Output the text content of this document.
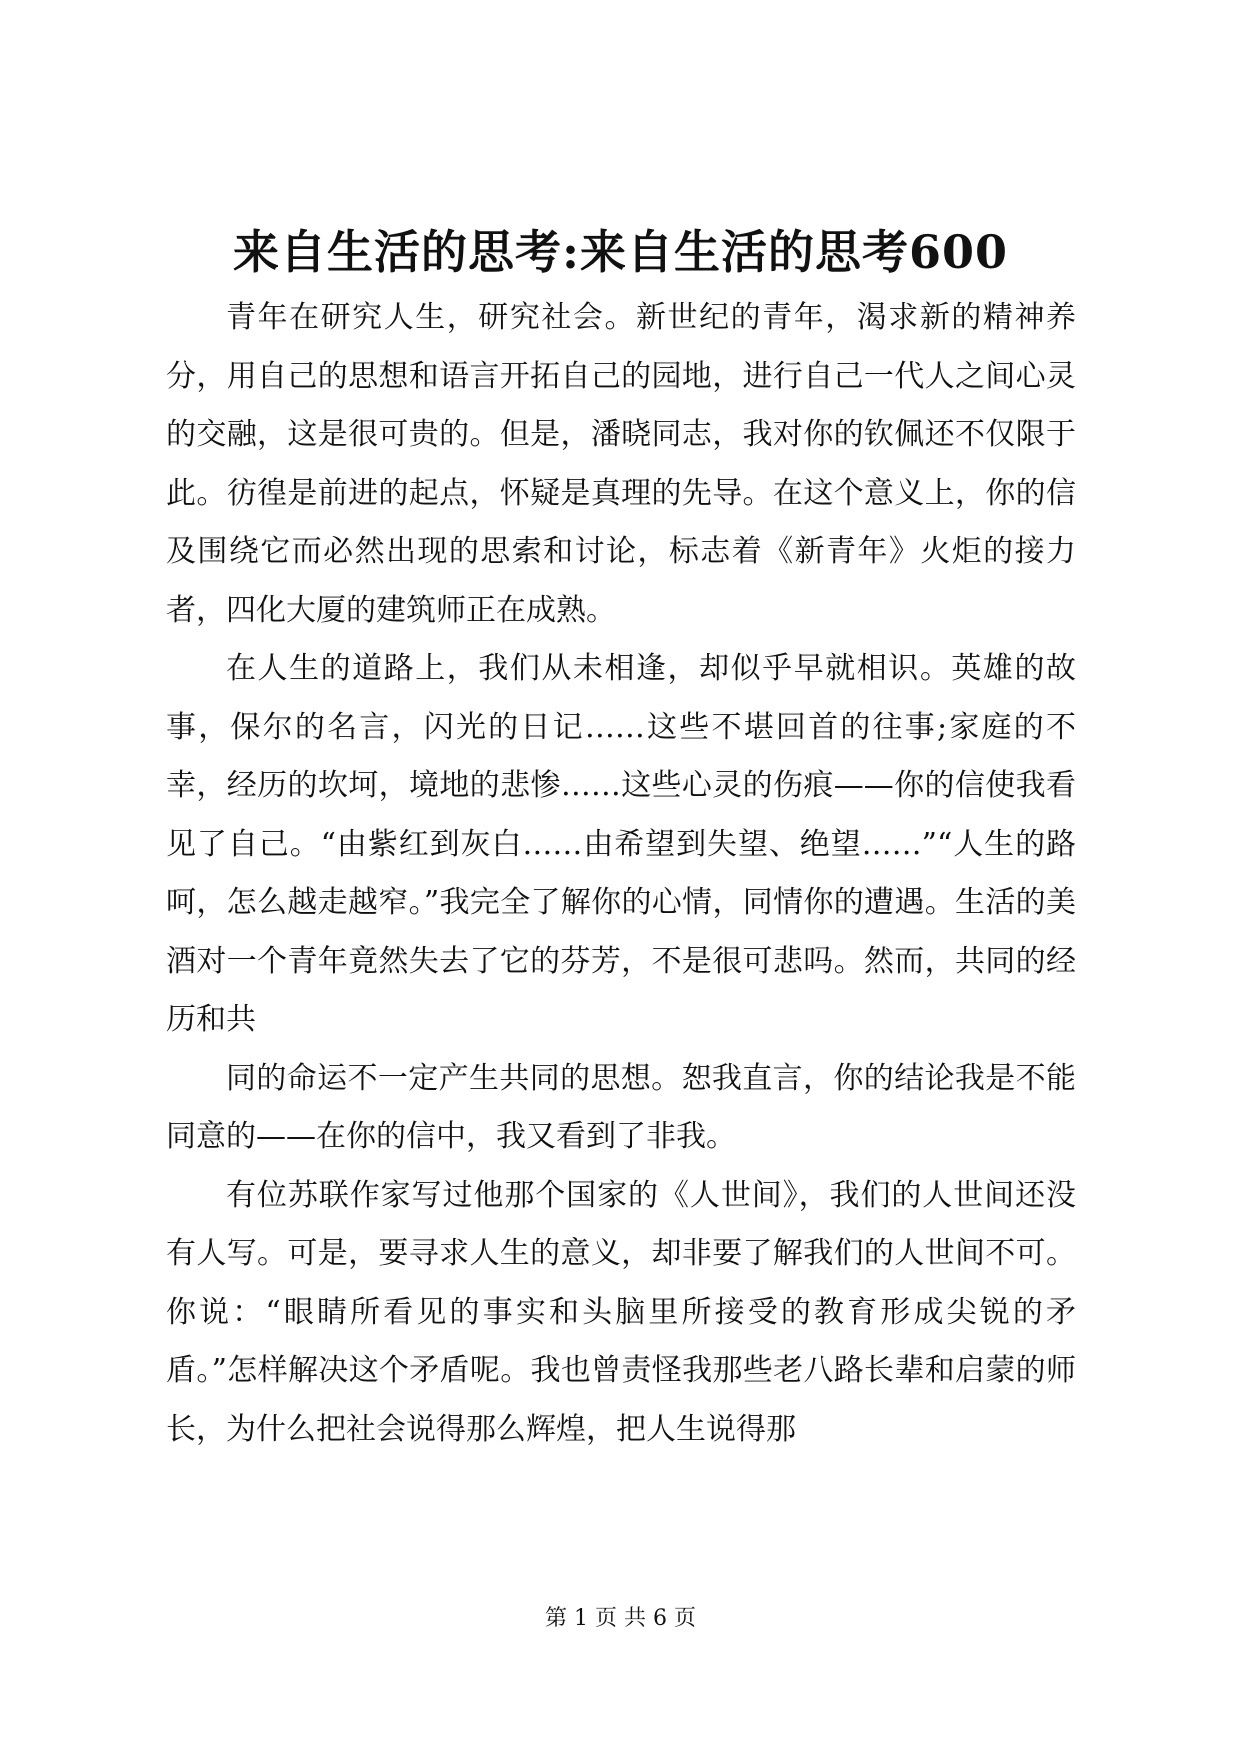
来自生活的思考:来自生活的思考600

青年在研究人生，研究社会。新世纪的青年，渴求新的精神养分，用自己的思想和语言开拓自己的园地，进行自己一代人之间心灵的交融，这是很可贵的。但是，潘晓同志，我对你的钦佩还不仅限于此。彷徨是前进的起点，怀疑是真理的先导。在这个意义上，你的信及围绕它而必然出现的思索和讨论，标志着《新青年》火炬的接力者，四化大厦的建筑师正在成熟。

在人生的道路上，我们从未相逢，却似乎早就相识。英雄的故事，保尔的名言，闪光的日记……这些不堪回首的往事;家庭的不幸，经历的坎坷，境地的悲惨……这些心灵的伤痕——你的信使我看见了自己。“由紫红到灰白……由希望到失望、绝望……”“人生的路呵，怎么越走越窄。”我完全了解你的心情，同情你的遭遇。生活的美酒对一个青年竟然失去了它的芬芳，不是很可悲吗。然而，共同的经历和共

同的命运不一定产生共同的思想。恕我直言，你的结论我是不能同意的——在你的信中，我又看到了非我。

有位苏联作家写过他那个国家的《人世间》，我们的人世间还没有人写。可是，要寻求人生的意义，却非要了解我们的人世间不可。你说：“眼睛所看见的事实和头脑里所接受的教育形成尖锐的矛盾。”怎样解决这个矛盾呢。我也曾责怪我那些老八路长辈和启蒙的师长，为什么把社会说得那么辉煌，把人生说得那

第 1 页 共 6 页
